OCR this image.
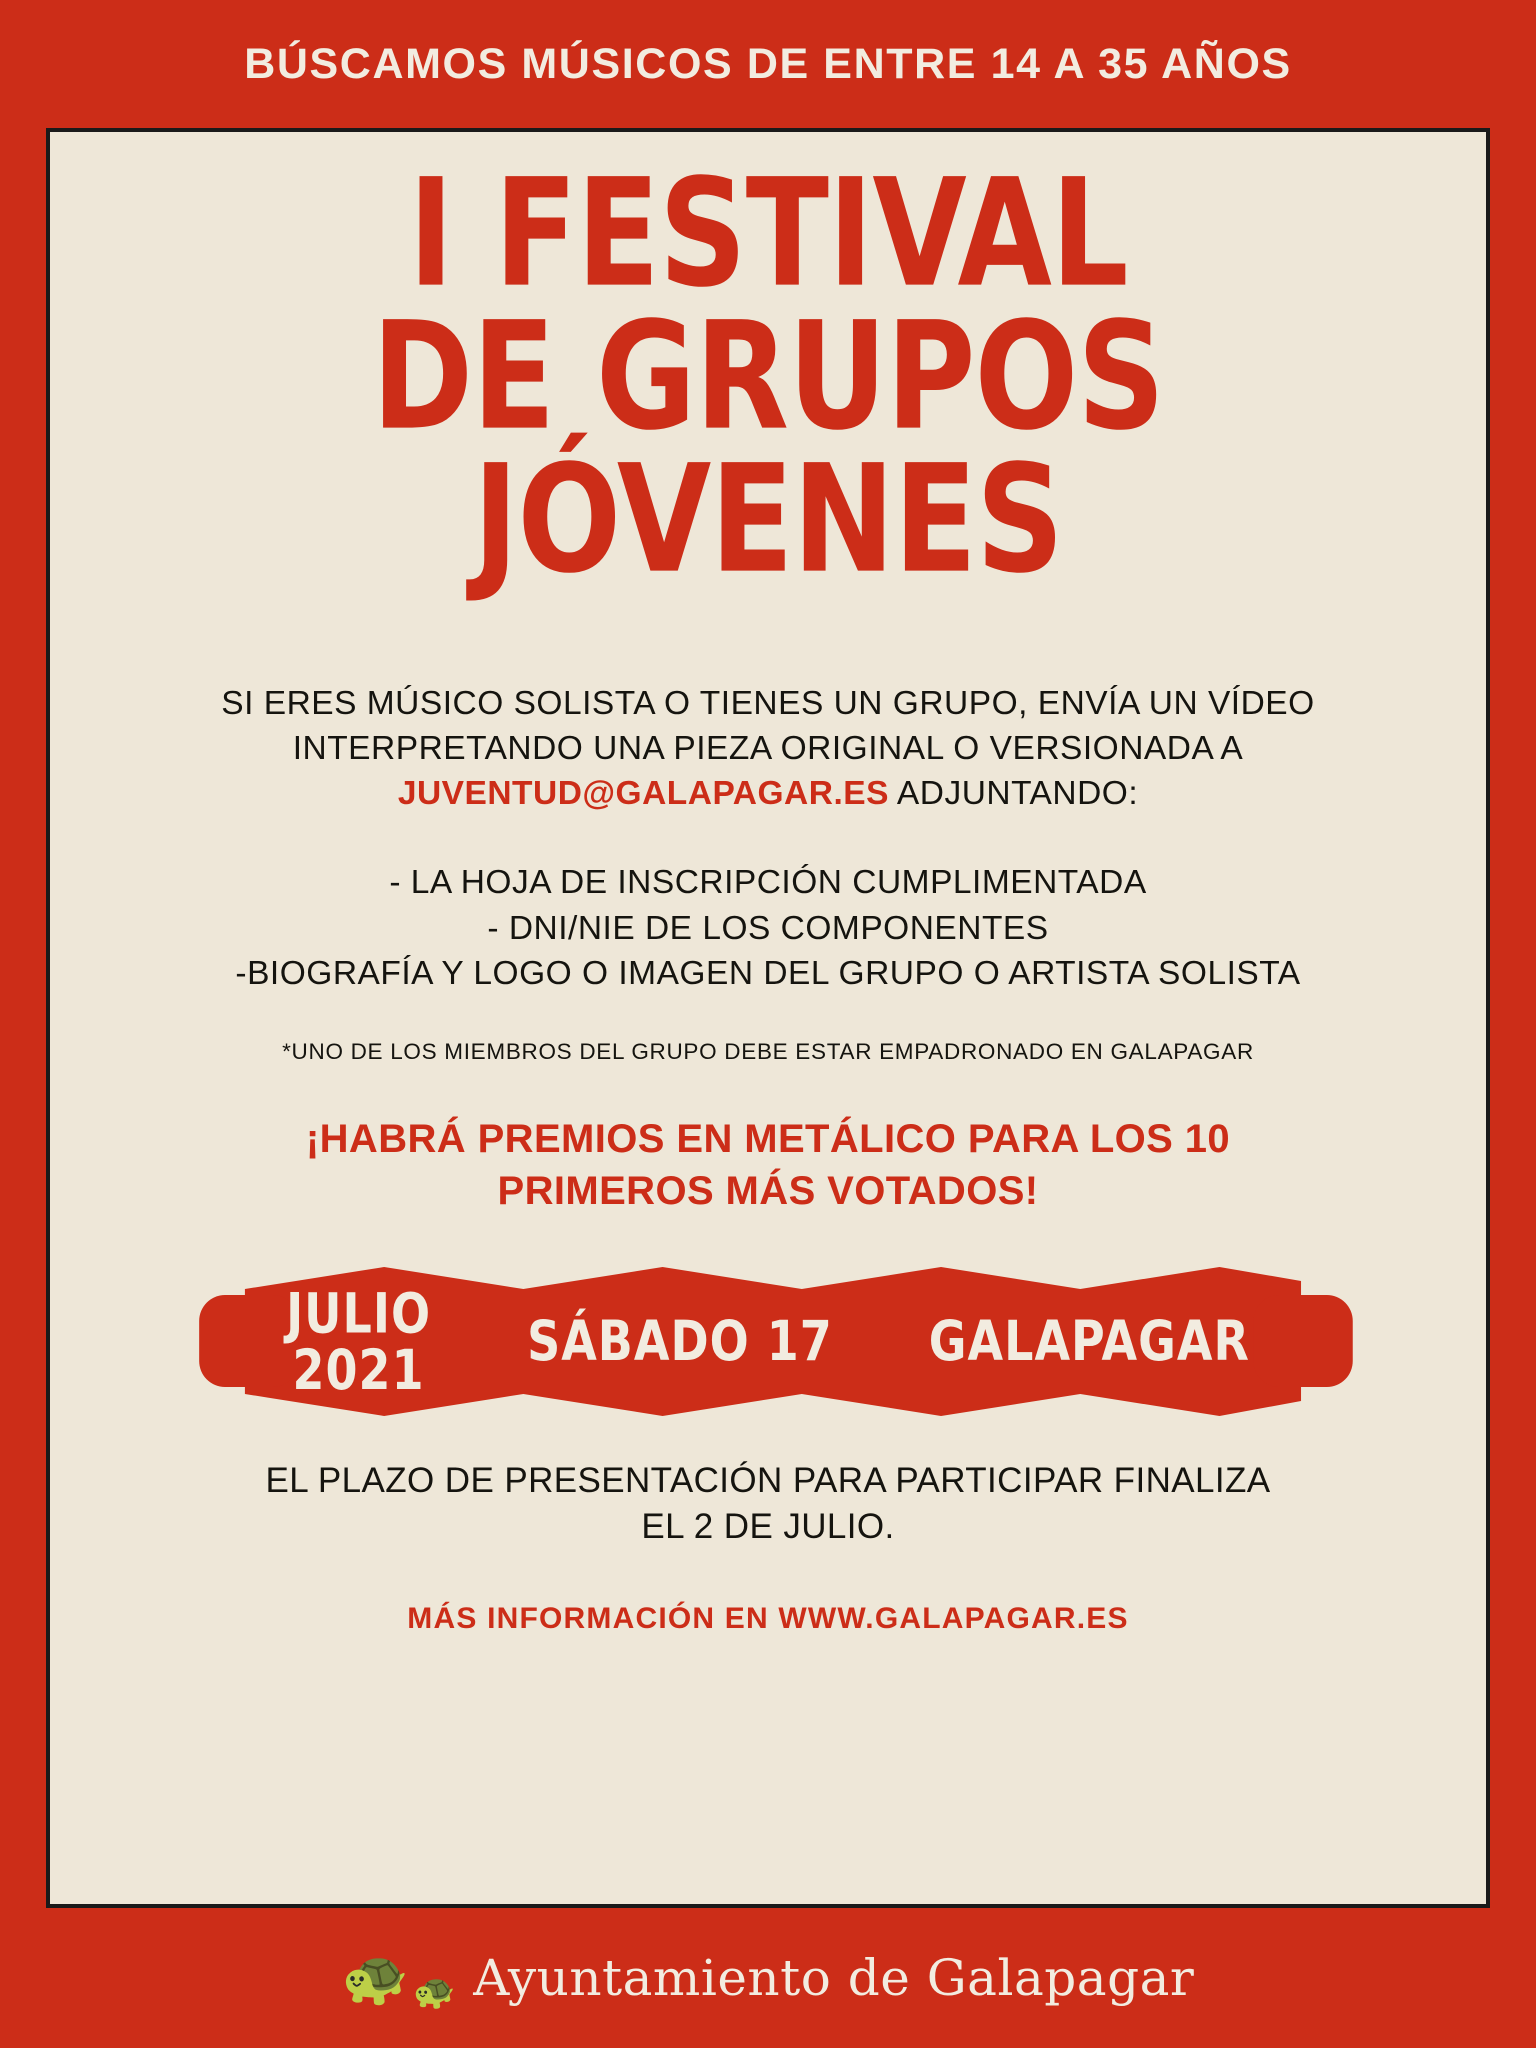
BÚSCAMOS MÚSICOS DE ENTRE 14 A 35 AÑOS
I FESTIVAL
DE GRUPOS
JÓVENES
SI ERES MÚSICO SOLISTA O TIENES UN GRUPO, ENVÍA UN VÍDEO INTERPRETANDO UNA PIEZA ORIGINAL O VERSIONADA A JUVENTUD@GALAPAGAR.ES ADJUNTANDO:
- LA HOJA DE INSCRIPCIÓN CUMPLIMENTADA
- DNI/NIE DE LOS COMPONENTES
-BIOGRAFÍA Y LOGO O IMAGEN DEL GRUPO O ARTISTA SOLISTA
*UNO DE LOS MIEMBROS DEL GRUPO DEBE ESTAR EMPADRONADO EN GALAPAGAR
¡HABRÁ PREMIOS EN METÁLICO PARA LOS 10
PRIMEROS MÁS VOTADOS!
JULIO
2021 SÁBADO 17 GALAPAGAR
EL PLAZO DE PRESENTACIÓN PARA PARTICIPAR FINALIZA
EL 2 DE JULIO.
MÁS INFORMACIÓN EN WWW.GALAPAGAR.ES
🐢 🐢 Ayuntamiento de Galapagar
